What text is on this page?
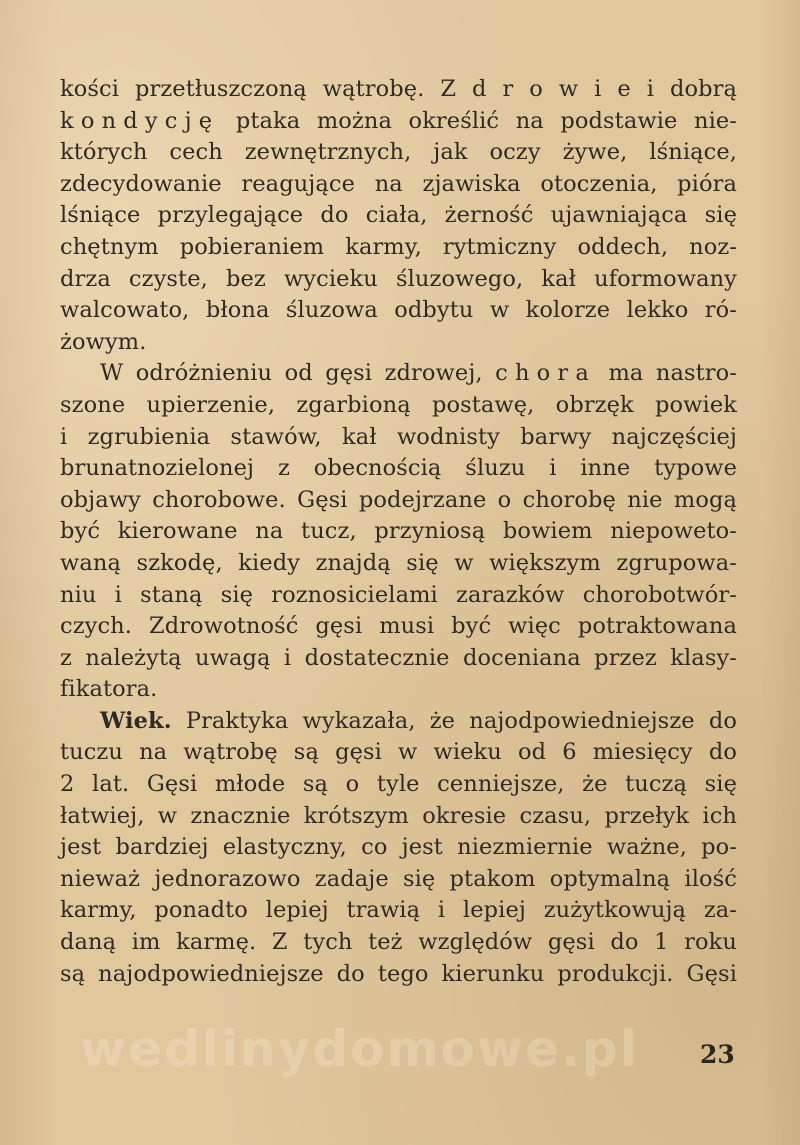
kości przetłuszczoną wątrobę. Z d r o w i e i dobrą
kondycję ptaka można określić na podstawie nie-
których cech zewnętrznych, jak oczy żywe, lśniące,
zdecydowanie reagujące na zjawiska otoczenia, pióra
lśniące przylegające do ciała, żerność ujawniająca się
chętnym pobieraniem karmy, rytmiczny oddech, noz-
drza czyste, bez wycieku śluzowego, kał uformowany
walcowato, błona śluzowa odbytu w kolorze lekko ró-
żowym.

W odróżnieniu od gęsi zdrowej, chora ma nastro-
szone upierzenie, zgarbioną postawę, obrzęk powiek
i zgrubienia stawów, kał wodnisty barwy najczęściej
brunatnozielonej z obecnością śluzu i inne typowe
objawy chorobowe. Gęsi podejrzane o chorobę nie mogą
być kierowane na tucz, przyniosą bowiem niepoweto-
waną szkodę, kiedy znajdą się w większym zgrupowa-
niu i staną się roznosicielami zarazków chorobotwór-
czych. Zdrowotność gęsi musi być więc potraktowana
z należytą uwagą i dostatecznie doceniana przez klasy-
fikatora.

Wiek. Praktyka wykazała, że najodpowiedniejsze do
tuczu na wątrobę są gęsi w wieku od 6 miesięcy do
2 lat. Gęsi młode są o tyle cenniejsze, że tuczą się
łatwiej, w znacznie krótszym okresie czasu, przełyk ich
jest bardziej elastyczny, co jest niezmiernie ważne, po-
nieważ jednorazowo zadaje się ptakom optymalną ilość
karmy, ponadto lepiej trawią i lepiej zużytkowują za-
daną im karmę. Z tych też względów gęsi do 1 roku
są najodpowiedniejsze do tego kierunku produkcji. Gęsi

wedlinydomowe.pl 23
